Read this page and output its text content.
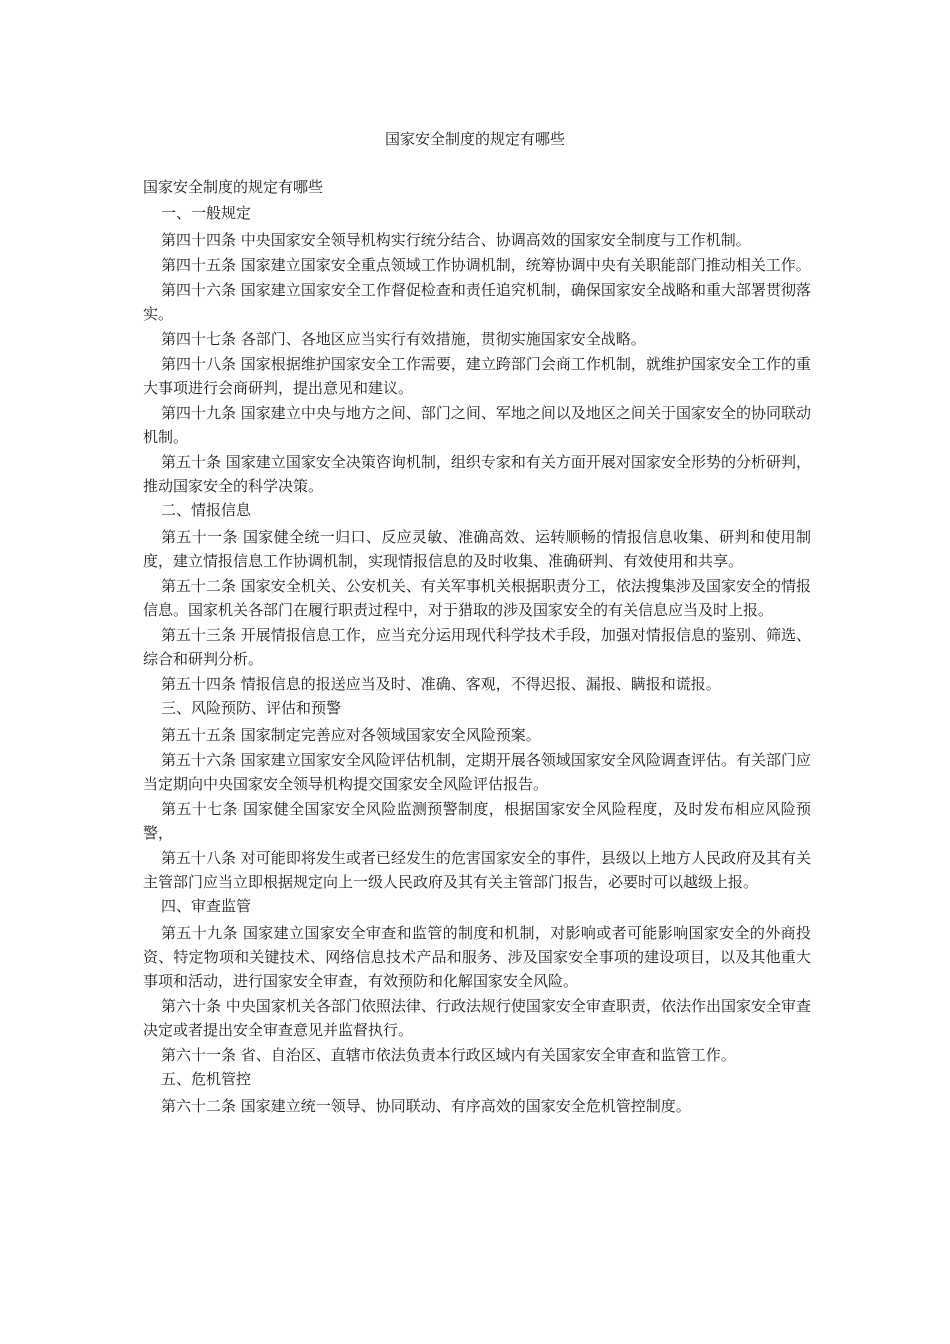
国家安全制度的规定有哪些
国家安全制度的规定有哪些
一、一般规定
第四十四条 中央国家安全领导机构实行统分结合、协调高效的国家安全制度与工作机制。
第四十五条 国家建立国家安全重点领域工作协调机制，统筹协调中央有关职能部门推动相关工作。
第四十六条 国家建立国家安全工作督促检查和责任追究机制，确保国家安全战略和重大部署贯彻落实。
第四十七条 各部门、各地区应当实行有效措施，贯彻实施国家安全战略。
第四十八条 国家根据维护国家安全工作需要，建立跨部门会商工作机制，就维护国家安全工作的重大事项进行会商研判，提出意见和建议。
第四十九条 国家建立中央与地方之间、部门之间、军地之间以及地区之间关于国家安全的协同联动机制。
第五十条 国家建立国家安全决策咨询机制，组织专家和有关方面开展对国家安全形势的分析研判，推动国家安全的科学决策。
二、情报信息
第五十一条 国家健全统一归口、反应灵敏、准确高效、运转顺畅的情报信息收集、研判和使用制度，建立情报信息工作协调机制，实现情报信息的及时收集、准确研判、有效使用和共享。
第五十二条 国家安全机关、公安机关、有关军事机关根据职责分工，依法搜集涉及国家安全的情报信息。国家机关各部门在履行职责过程中，对于猎取的涉及国家安全的有关信息应当及时上报。
第五十三条 开展情报信息工作，应当充分运用现代科学技术手段，加强对情报信息的鉴别、筛选、综合和研判分析。
第五十四条 情报信息的报送应当及时、准确、客观，不得迟报、漏报、瞒报和谎报。
三、风险预防、评估和预警
第五十五条 国家制定完善应对各领域国家安全风险预案。
第五十六条 国家建立国家安全风险评估机制，定期开展各领域国家安全风险调查评估。有关部门应当定期向中央国家安全领导机构提交国家安全风险评估报告。
第五十七条 国家健全国家安全风险监测预警制度，根据国家安全风险程度，及时发布相应风险预警，
第五十八条 对可能即将发生或者已经发生的危害国家安全的事件，县级以上地方人民政府及其有关主管部门应当立即根据规定向上一级人民政府及其有关主管部门报告，必要时可以越级上报。
四、审查监管
第五十九条 国家建立国家安全审查和监管的制度和机制，对影响或者可能影响国家安全的外商投资、特定物项和关键技术、网络信息技术产品和服务、涉及国家安全事项的建设项目，以及其他重大事项和活动，进行国家安全审查，有效预防和化解国家安全风险。
第六十条 中央国家机关各部门依照法律、行政法规行使国家安全审查职责，依法作出国家安全审查决定或者提出安全审查意见并监督执行。
第六十一条 省、自治区、直辖市依法负责本行政区域内有关国家安全审查和监管工作。
五、危机管控
第六十二条 国家建立统一领导、协同联动、有序高效的国家安全危机管控制度。
